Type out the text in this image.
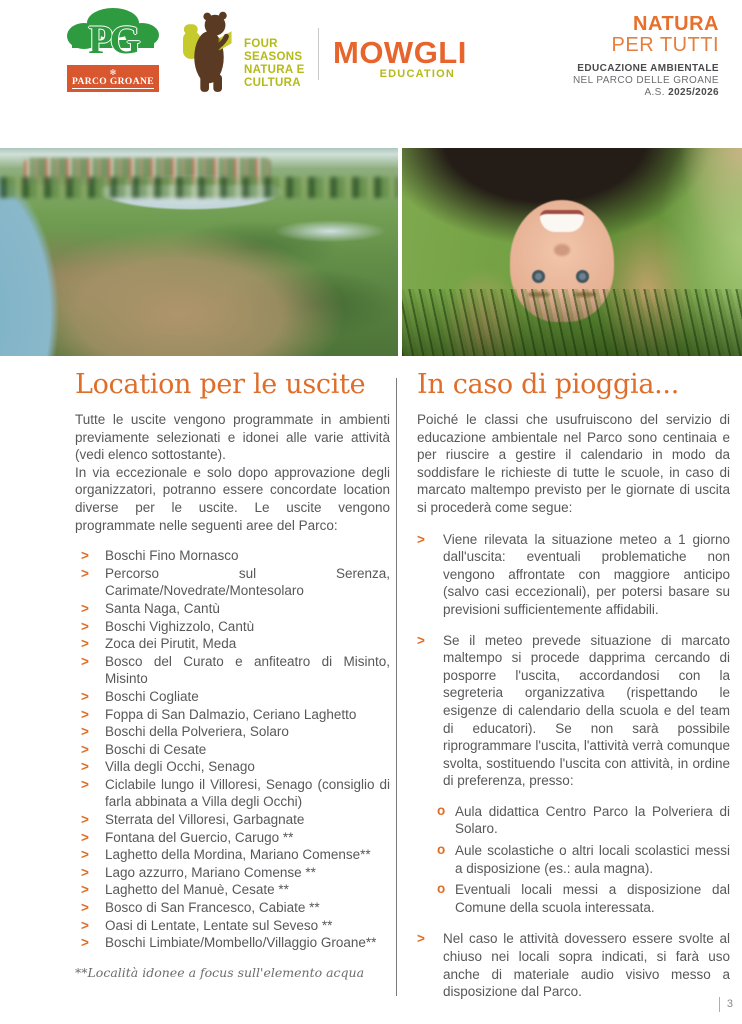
PG
✻
PARCO GROANE
FOUR
SEASONS
NATURA E
CULTURA
MOWGLI
EDUCATION
NATURA
PER TUTTI
EDUCAZIONE AMBIENTALE
NEL PARCO DELLE GROANE
A.S. 2025/2026
Location per le uscite

Tutte le uscite vengono programmate in ambienti previamente selezionati e idonei alle varie attività (vedi elenco sottostante).

In via eccezionale e solo dopo approvazione degli organizzatori, potranno essere concordate location diverse per le uscite. Le uscite vengono programmate nelle seguenti aree del Parco:

> Boschi Fino Mornasco
> Percorso sul Serenza, Carimate/Novedrate/Montesolaro
> Santa Naga, Cantù
> Boschi Vighizzolo, Cantù
> Zoca dei Pirutit, Meda
> Bosco del Curato e anfiteatro di Misinto, Misinto
> Boschi Cogliate
> Foppa di San Dalmazio, Ceriano Laghetto
> Boschi della Polveriera, Solaro
> Boschi di Cesate
> Villa degli Occhi, Senago
> Ciclabile lungo il Villoresi, Senago (consiglio di farla abbinata a Villa degli Occhi)
> Sterrata del Villoresi, Garbagnate
> Fontana del Guercio, Carugo **
> Laghetto della Mordina, Mariano Comense**
> Lago azzurro, Mariano Comense **
> Laghetto del Manuè, Cesate **
> Bosco di San Francesco, Cabiate **
> Oasi di Lentate, Lentate sul Seveso **
> Boschi Limbiate/Mombello/Villaggio Groane**
**Località idonee a focus sull'elemento acqua
In caso di pioggia...

Poiché le classi che usufruiscono del servizio di educazione ambientale nel Parco sono centinaia e per riuscire a gestire il calendario in modo da soddisfare le richieste di tutte le scuole, in caso di marcato maltempo previsto per le giornate di uscita si procederà come segue:

> Viene rilevata la situazione meteo a 1 giorno dall'uscita: eventuali problematiche non vengono affrontate con maggiore anticipo (salvo casi eccezionali), per potersi basare su previsioni sufficientemente affidabili.
> Se il meteo prevede situazione di marcato maltempo si procede dapprima cercando di posporre l'uscita, accordandosi con la segreteria organizzativa (rispettando le esigenze di calendario della scuola e del team di educatori). Se non sarà possibile riprogrammare l'uscita, l'attività verrà comunque svolta, sostituendo l'uscita con attività, in ordine di preferenza, presso:
o Aula didattica Centro Parco la Polveriera di Solaro.
o Aule scolastiche o altri locali scolastici messi a disposizione (es.: aula magna).
o Eventuali locali messi a disposizione dal Comune della scuola interessata.
> Nel caso le attività dovessero essere svolte al chiuso nei locali sopra indicati, si farà uso anche di materiale audio visivo messo a disposizione dal Parco.
3
